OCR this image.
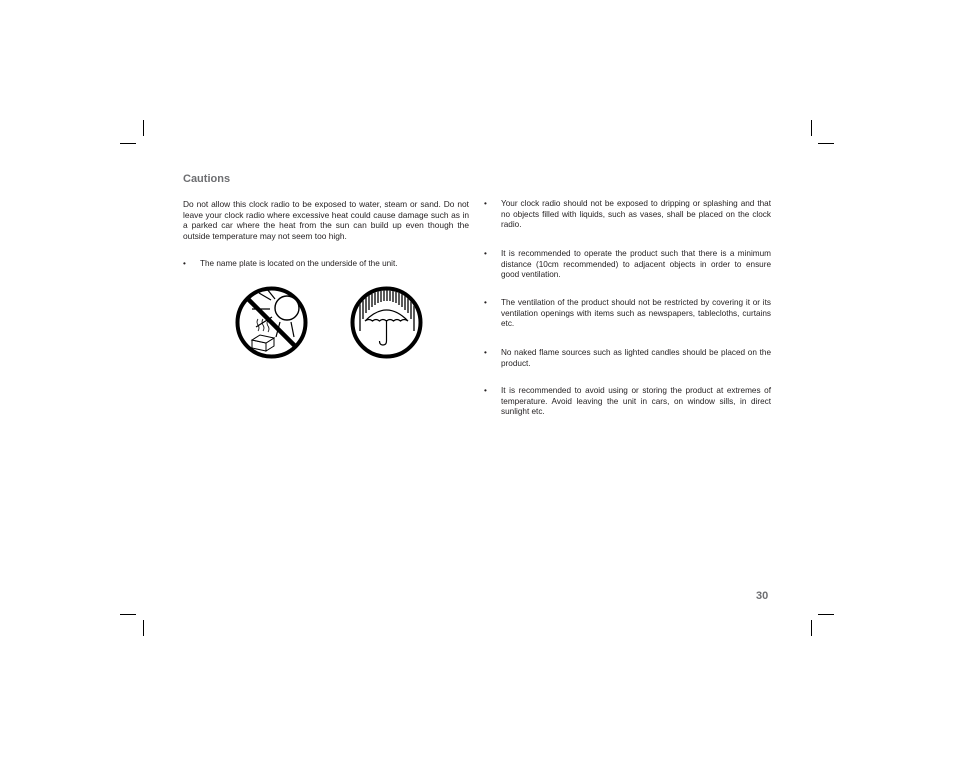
Cautions

Do not allow this clock radio to be exposed to water, steam or sand. Do not leave your clock radio where excessive heat could cause damage such as in a parked car where the heat from the sun can build up even though the outside temperature may not seem too high.

• The name plate is located on the underside of the unit.
• Your clock radio should not be exposed to dripping or splashing and that no objects filled with liquids, such as vases, shall be placed on the clock radio.
• It is recommended to operate the product such that there is a minimum distance (10cm recommended) to adjacent objects in order to ensure good ventilation.
• The ventilation of the product should not be restricted by covering it or its ventilation openings with items such as newspapers, tablecloths, curtains etc.
• No naked flame sources such as lighted candles should be placed on the product.
• It is recommended to avoid using or storing the product at extremes of temperature. Avoid leaving the unit in cars, on window sills, in direct sunlight etc.
30
